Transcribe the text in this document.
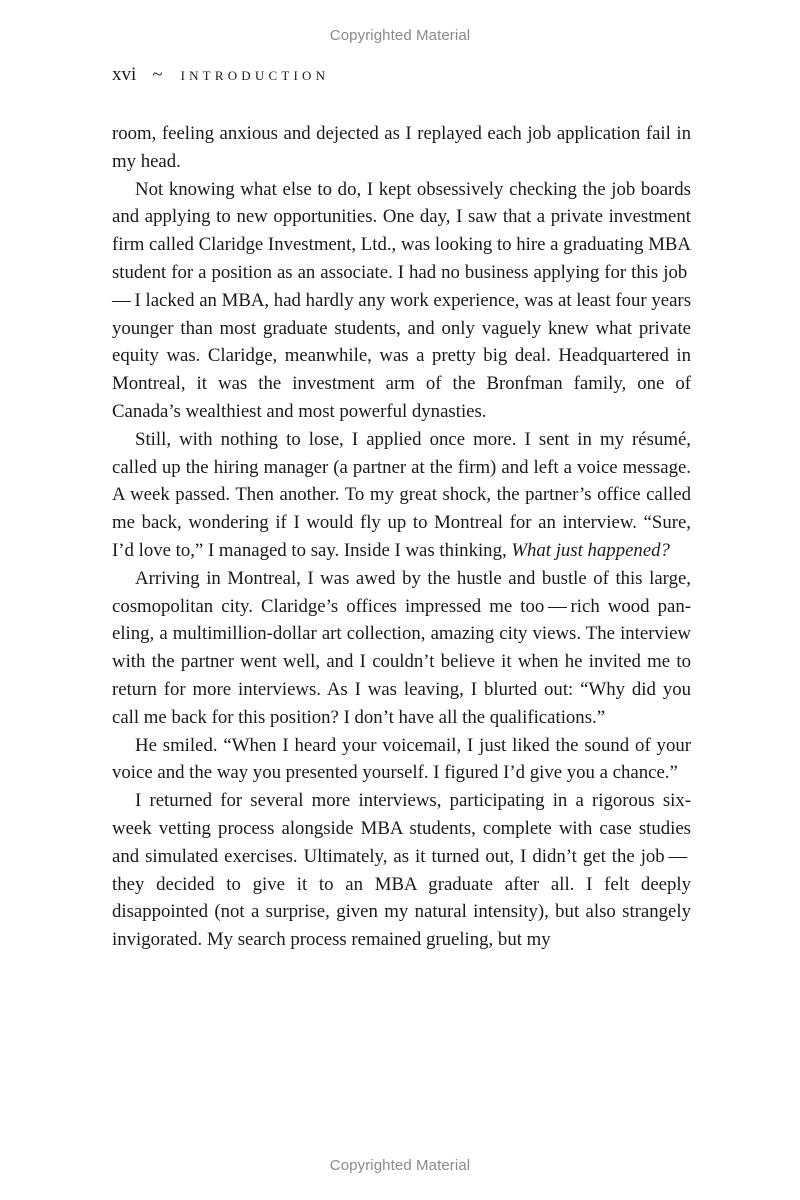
Copyrighted Material
xvi ~ INTRODUCTION

room, feeling anxious and dejected as I replayed each job application fail in my head.

Not knowing what else to do, I kept obsessively checking the job boards and applying to new opportunities. One day, I saw that a private investment firm called Claridge Investment, Ltd., was looking to hire a graduating MBA student for a position as an associate. I had no business applying for this job — I lacked an MBA, had hardly any work experience, was at least four years younger than most graduate students, and only vaguely knew what private equity was. Claridge, meanwhile, was a pretty big deal. Headquartered in Montreal, it was the investment arm of the Bronfman family, one of Canada’s wealthiest and most powerful dynasties.

Still, with nothing to lose, I applied once more. I sent in my résumé, called up the hiring manager (a partner at the firm) and left a voice message. A week passed. Then another. To my great shock, the partner’s office called me back, wondering if I would fly up to Montreal for an interview. “Sure, I’d love to,” I managed to say. Inside I was thinking, What just happened?

Arriving in Montreal, I was awed by the hustle and bustle of this large, cosmopolitan city. Claridge’s offices impressed me too — rich wood paneling, a multimillion-dollar art collection, amazing city views. The interview with the partner went well, and I couldn’t believe it when he invited me to return for more interviews. As I was leaving, I blurted out: “Why did you call me back for this position? I don’t have all the qualifications.”

He smiled. “When I heard your voicemail, I just liked the sound of your voice and the way you presented yourself. I figured I’d give you a chance.”

I returned for several more interviews, participating in a rigorous six-week vetting process alongside MBA students, complete with case studies and simulated exercises. Ultimately, as it turned out, I didn’t get the job — they decided to give it to an MBA graduate after all. I felt deeply disappointed (not a surprise, given my natural intensity), but also strangely invigorated. My search process remained grueling, but my

Copyrighted Material
